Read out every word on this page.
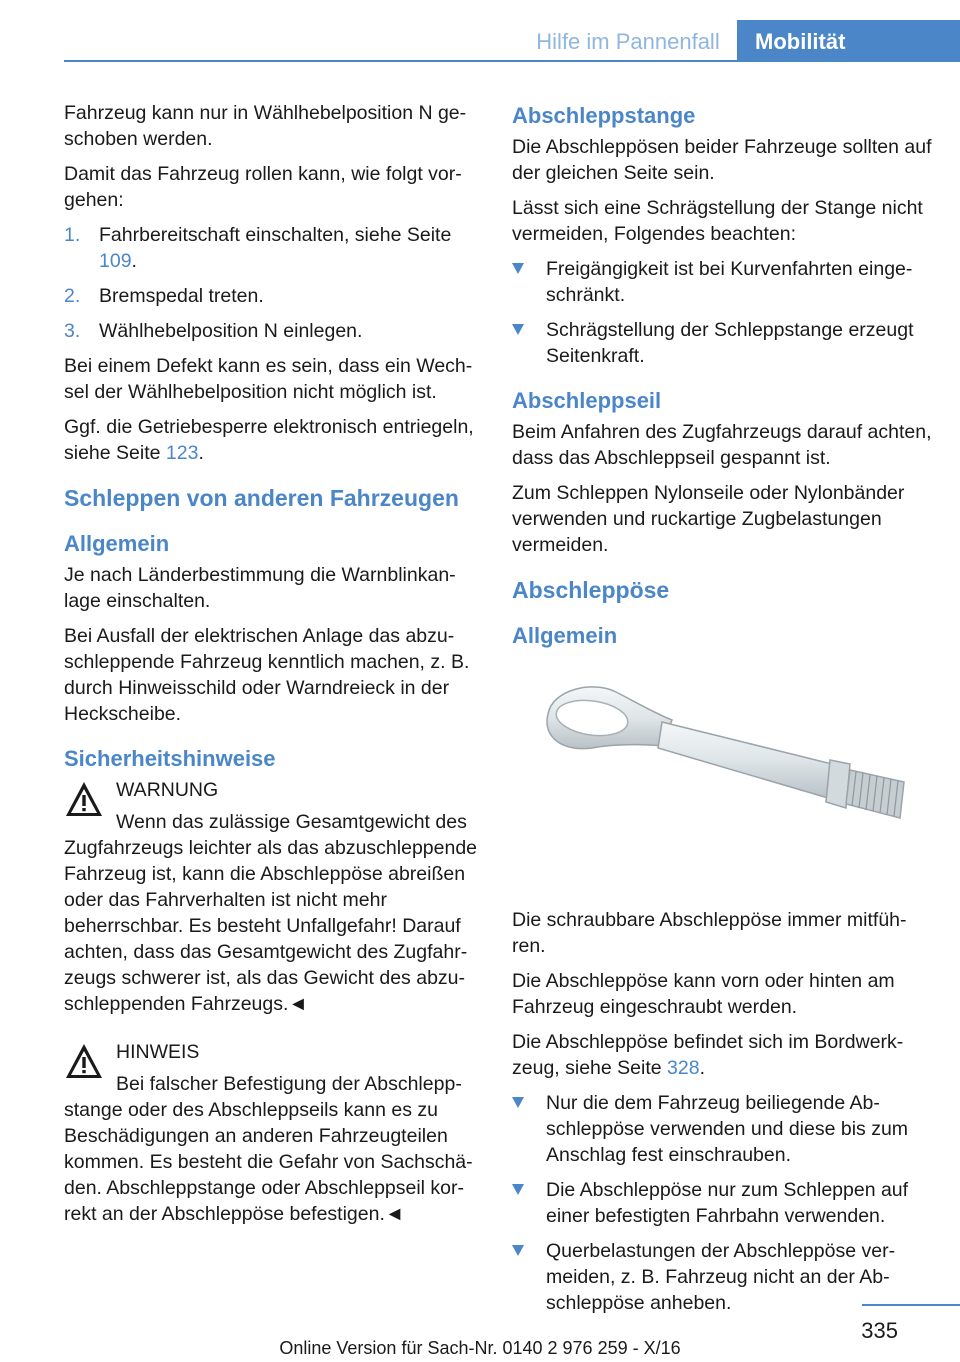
Hilfe im Pannenfall	Mobilität

Fahrzeug kann nur in Wählhebelposition N geschoben werden.

Damit das Fahrzeug rollen kann, wie folgt vorgehen:

1. Fahrbereitschaft einschalten, siehe Seite 109.
2. Bremspedal treten.
3. Wählhebelposition N einlegen.

Bei einem Defekt kann es sein, dass ein Wechsel der Wählhebelposition nicht möglich ist.

Ggf. die Getriebesperre elektronisch entriegeln, siehe Seite 123.

Schleppen von anderen Fahrzeugen
Allgemein

Je nach Länderbestimmung die Warnblinkanlage einschalten.

Bei Ausfall der elektrischen Anlage das abzuschleppende Fahrzeug kenntlich machen, z. B. durch Hinweisschild oder Warndreieck in der Heckscheibe.

Sicherheitshinweise
WARNUNG
Wenn das zulässige Gesamtgewicht des Zugfahrzeugs leichter als das abzuschleppende Fahrzeug ist, kann die Abschleppöse abreißen oder das Fahrverhalten ist nicht mehr beherrschbar. Es besteht Unfallgefahr! Darauf achten, dass das Gesamtgewicht des Zugfahrzeugs schwerer ist, als das Gewicht des abzuschleppenden Fahrzeugs.◄
HINWEIS
Bei falscher Befestigung der Abschleppstange oder des Abschleppseils kann es zu Beschädigungen an anderen Fahrzeugteilen kommen. Es besteht die Gefahr von Sachschäden. Abschleppstange oder Abschleppseil korrekt an der Abschleppöse befestigen.◄
Abschleppstange

Die Abschleppösen beider Fahrzeuge sollten auf der gleichen Seite sein.

Lässt sich eine Schrägstellung der Stange nicht vermeiden, Folgendes beachten:

Freigängigkeit ist bei Kurvenfahrten eingeschränkt.
Schrägstellung der Schleppstange erzeugt Seitenkraft.
Abschleppseil

Beim Anfahren des Zugfahrzeugs darauf achten, dass das Abschleppseil gespannt ist.

Zum Schleppen Nylonseile oder Nylonbänder verwenden und ruckartige Zugbelastungen vermeiden.

Abschleppöse
Allgemein

Die schraubbare Abschleppöse immer mitführen.

Die Abschleppöse kann vorn oder hinten am Fahrzeug eingeschraubt werden.

Die Abschleppöse befindet sich im Bordwerkzeug, siehe Seite 328.

Nur die dem Fahrzeug beiliegende Abschleppöse verwenden und diese bis zum Anschlag fest einschrauben.
Die Abschleppöse nur zum Schleppen auf einer befestigten Fahrbahn verwenden.
Querbelastungen der Abschleppöse vermeiden, z. B. Fahrzeug nicht an der Abschleppöse anheben.
335
Online Version für Sach-Nr. 0140 2 976 259 - X/16
